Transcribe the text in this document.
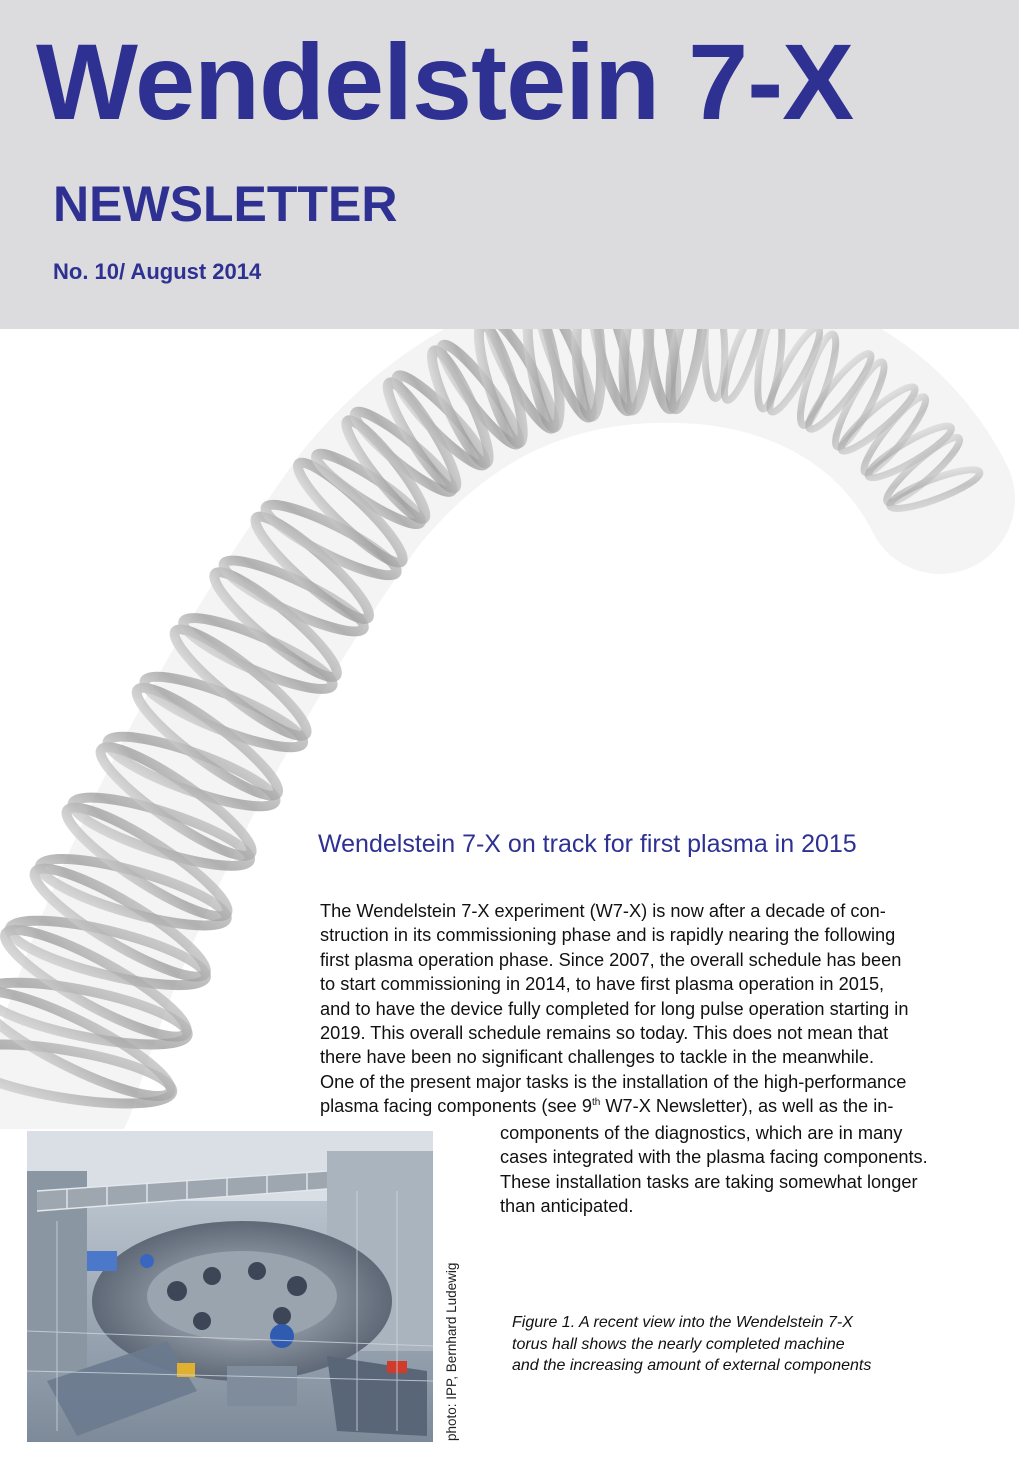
Wendelstein 7-X
NEWSLETTER
No. 10/ August 2014
Wendelstein 7-X on track for first plasma in 2015
The Wendelstein 7-X experiment (W7-X) is now after a decade of con-
struction in its commissioning phase and is rapidly nearing the following
first plasma operation phase. Since 2007, the overall schedule has been
to start commissioning in 2014, to have first plasma operation in 2015,
and to have the device fully completed for long pulse operation starting in
2019. This overall schedule remains so today. This does not mean that
there have been no significant challenges to tackle in the meanwhile.
One of the present major tasks is the installation of the high-performance
plasma facing components (see 9th W7-X Newsletter), as well as the in-
components of the diagnostics, which are in many
cases integrated with the plasma facing components.
These installation tasks are taking somewhat longer
than anticipated.
photo: IPP, Bernhard Ludewig	Figure 1. A recent view into the Wendelstein 7-X
torus hall shows the nearly completed machine
and the increasing amount of external components
